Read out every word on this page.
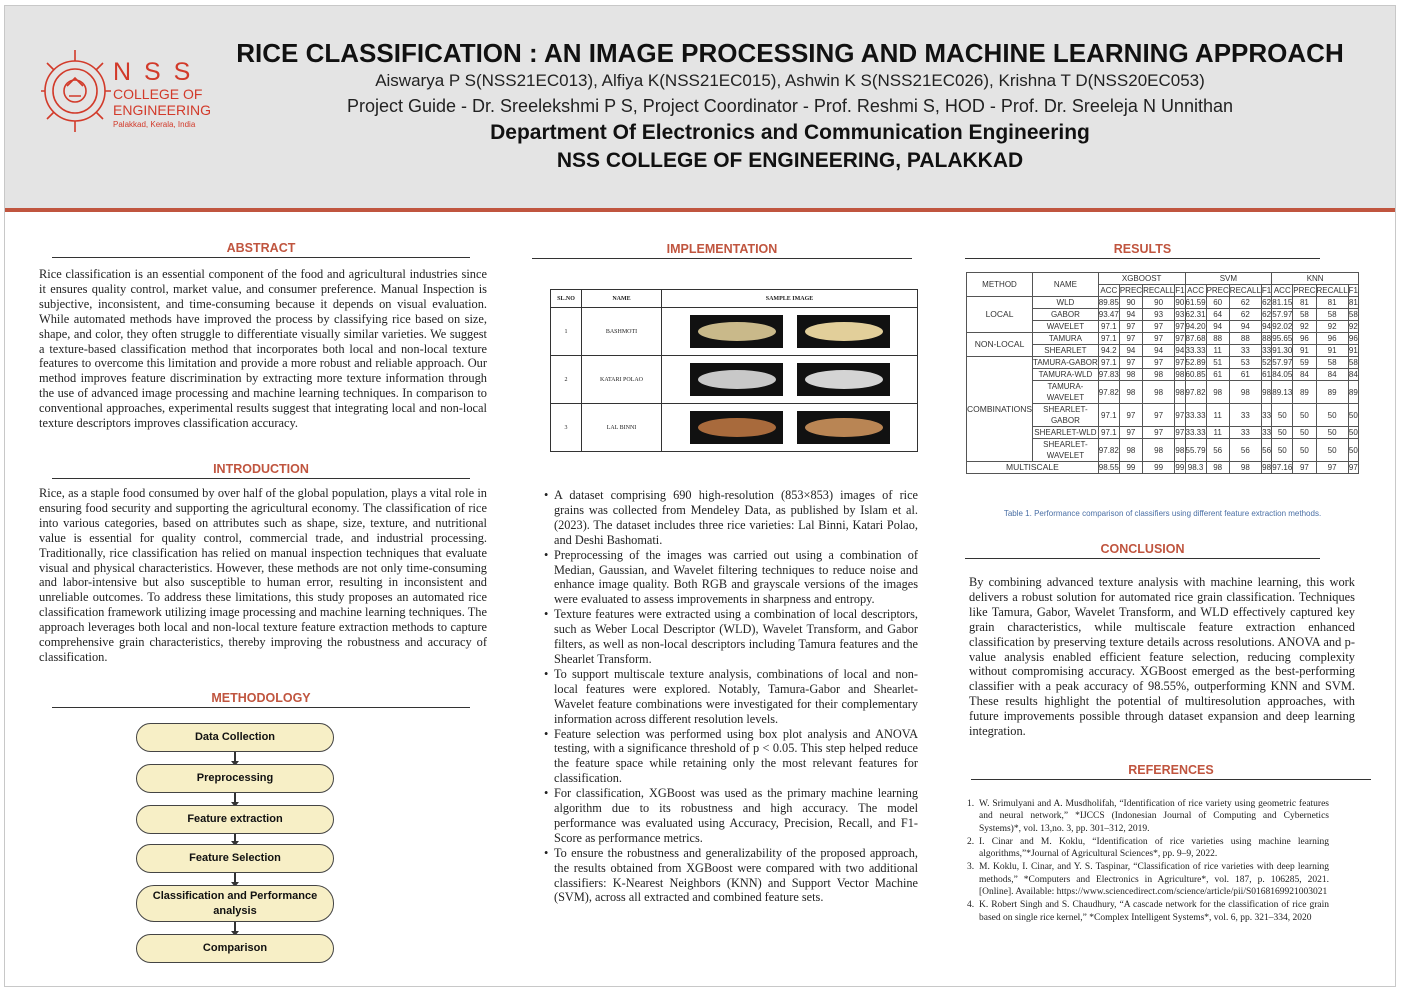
N S S
COLLEGE OF
ENGINEERING
Palakkad, Kerala, India
RICE CLASSIFICATION : AN IMAGE PROCESSING AND MACHINE LEARNING APPROACH
Aiswarya P S(NSS21EC013), Alfiya K(NSS21EC015), Ashwin K S(NSS21EC026), Krishna T D(NSS20EC053)
Project Guide - Dr. Sreelekshmi P S, Project Coordinator - Prof. Reshmi S, HOD - Prof. Dr. Sreeleja N Unnithan
Department Of Electronics and Communication Engineering
NSS COLLEGE OF ENGINEERING, PALAKKAD
ABSTRACT
Rice classification is an essential component of the food and agricultural industries since it ensures quality control, market value, and consumer preference. Manual Inspection is subjective, inconsistent, and time-consuming because it depends on visual evaluation. While automated methods have improved the process by classifying rice based on size, shape, and color, they often struggle to differentiate visually similar varieties. We suggest a texture-based classification method that incorporates both local and non-local texture features to overcome this limitation and provide a more robust and reliable approach. Our method improves feature discrimination by extracting more texture information through the use of advanced image processing and machine learning techniques. In comparison to conventional approaches, experimental results suggest that integrating local and non-local texture descriptors improves classification accuracy.
INTRODUCTION
Rice, as a staple food consumed by over half of the global population, plays a vital role in ensuring food security and supporting the agricultural economy. The classification of rice into various categories, based on attributes such as shape, size, texture, and nutritional value is essential for quality control, commercial trade, and industrial processing. Traditionally, rice classification has relied on manual inspection techniques that evaluate visual and physical characteristics. However, these methods are not only time-consuming and labor-intensive but also susceptible to human error, resulting in inconsistent and unreliable outcomes. To address these limitations, this study proposes an automated rice classification framework utilizing image processing and machine learning techniques. The approach leverages both local and non-local texture feature extraction methods to capture comprehensive grain characteristics, thereby improving the robustness and accuracy of classification.
METHODOLOGY
Data Collection
Preprocessing
Feature extraction
Feature Selection
Classification and Performance analysis
Comparison
IMPLEMENTATION
SL.NO	NAME	SAMPLE IMAGE
1	BASHMOTI	
2	KATARI POLAO	
3	LAL BINNI	
• A dataset comprising 690 high-resolution (853×853) images of rice grains was collected from Mendeley Data, as published by Islam et al. (2023). The dataset includes three rice varieties: Lal Binni, Katari Polao, and Deshi Bashomati.
• Preprocessing of the images was carried out using a combination of Median, Gaussian, and Wavelet filtering techniques to reduce noise and enhance image quality. Both RGB and grayscale versions of the images were evaluated to assess improvements in sharpness and entropy.
• Texture features were extracted using a combination of local descriptors, such as Weber Local Descriptor (WLD), Wavelet Transform, and Gabor filters, as well as non-local descriptors including Tamura features and the Shearlet Transform.
• To support multiscale texture analysis, combinations of local and non-local features were explored. Notably, Tamura-Gabor and Shearlet-Wavelet feature combinations were investigated for their complementary information across different resolution levels.
• Feature selection was performed using box plot analysis and ANOVA testing, with a significance threshold of p < 0.05. This step helped reduce the feature space while retaining only the most relevant features for classification.
• For classification, XGBoost was used as the primary machine learning algorithm due to its robustness and high accuracy. The model performance was evaluated using Accuracy, Precision, Recall, and F1-Score as performance metrics.
• To ensure the robustness and generalizability of the proposed approach, the results obtained from XGBoost were compared with two additional classifiers: K-Nearest Neighbors (KNN) and Support Vector Machine (SVM), across all extracted and combined feature sets.
RESULTS
METHOD	NAME	XGBOOST				SVM				KNN			
		ACC	PREC	RECALL	F1	ACC	PREC	RECALL	F1	ACC	PREC	RECALL	F1
LOCAL	WLD	89.85	90	90	90	61.59	60	62	62	81.15	81	81	81
	GABOR	93.47	94	93	93	62.31	64	62	62	57.97	58	58	58
	WAVELET	97.1	97	97	97	94.20	94	94	94	92.02	92	92	92
NON-LOCAL	TAMURA	97.1	97	97	97	87.68	88	88	88	95.65	96	96	96
	SHEARLET	94.2	94	94	94	33.33	11	33	33	91.30	91	91	91
COMBINATIONS	TAMURA-GABOR	97.1	97	97	97	52.89	51	53	52	57.97	59	58	58
	TAMURA-WLD	97.83	98	98	98	60.85	61	61	61	84.05	84	84	84
	TAMURA-WAVELET	97.82	98	98	98	97.82	98	98	98	89.13	89	89	89
	SHEARLET-GABOR	97.1	97	97	97	33.33	11	33	33	50	50	50	50
	SHEARLET-WLD	97.1	97	97	97	33.33	11	33	33	50	50	50	50
	SHEARLET-WAVELET	97.82	98	98	98	55.79	56	56	56	50	50	50	50
MULTISCALE		98.55	99	99	99	98.3	98	98	98	97.16	97	97	97
Table 1. Performance comparison of classifiers using different feature extraction methods.
CONCLUSION
By combining advanced texture analysis with machine learning, this work delivers a robust solution for automated rice grain classification. Techniques like Tamura, Gabor, Wavelet Transform, and WLD effectively captured key grain characteristics, while multiscale feature extraction enhanced classification by preserving texture details across resolutions. ANOVA and p-value analysis enabled efficient feature selection, reducing complexity without compromising accuracy. XGBoost emerged as the best-performing classifier with a peak accuracy of 98.55%, outperforming KNN and SVM. These results highlight the potential of multiresolution approaches, with future improvements possible through dataset expansion and deep learning integration.
REFERENCES
1. W. Srimulyani and A. Musdholifah, “Identification of rice variety using geometric features and neural network,” *IJCCS (Indonesian Journal of Computing and Cybernetics Systems)*, vol. 13,no. 3, pp. 301–312, 2019.
2. I. Cinar and M. Koklu, “Identification of rice varieties using machine learning algorithms,”*Journal of Agricultural Sciences*, pp. 9–9, 2022.
3. M. Koklu, I. Cinar, and Y. S. Taspinar, “Classification of rice varieties with deep learning methods,” *Computers and Electronics in Agriculture*, vol. 187, p. 106285, 2021. [Online]. Available: https://www.sciencedirect.com/science/article/pii/S0168169921003021
4. K. Robert Singh and S. Chaudhury, “A cascade network for the classification of rice grain based on single rice kernel,” *Complex Intelligent Systems*, vol. 6, pp. 321–334, 2020
